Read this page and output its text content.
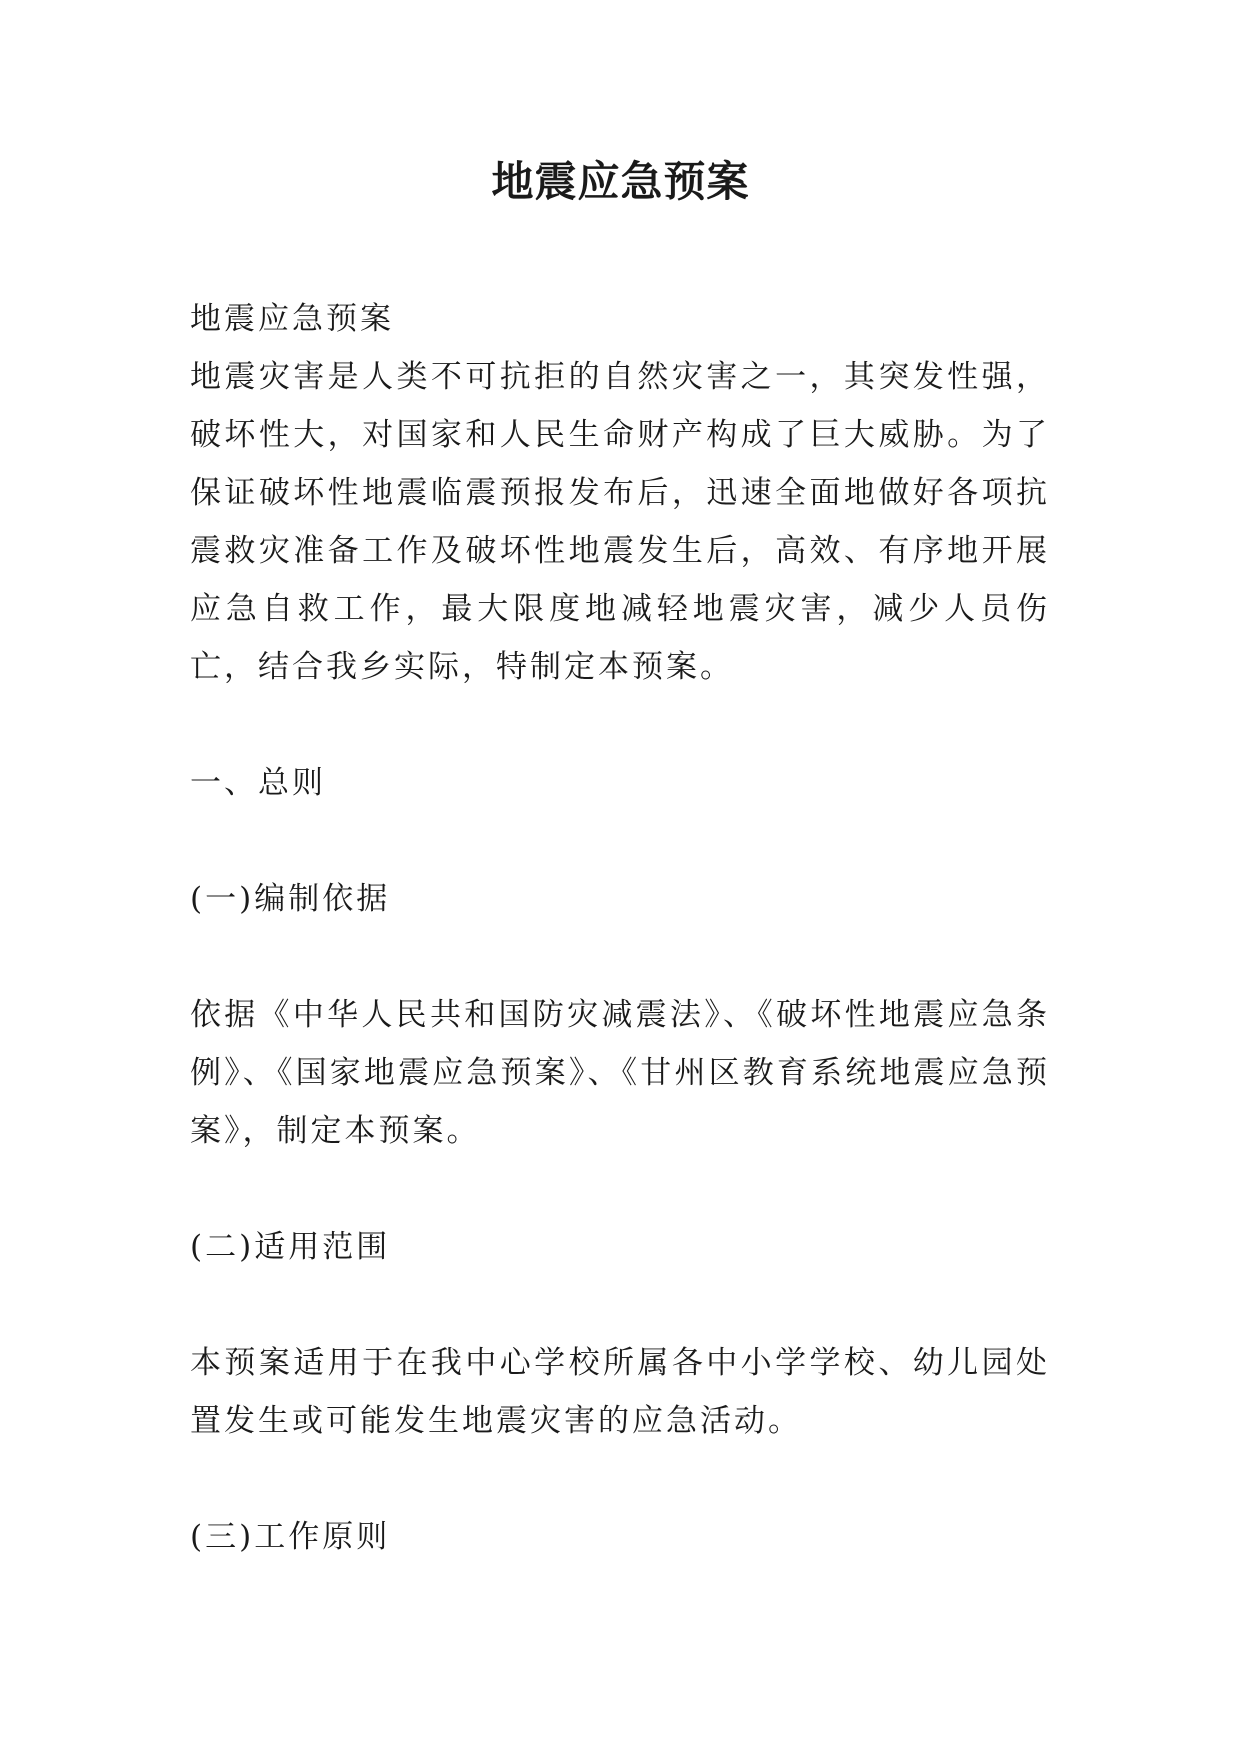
地震应急预案

地震应急预案

地震灾害是人类不可抗拒的自然灾害之一，其突发性强，破坏性大，对国家和人民生命财产构成了巨大威胁。为了保证破坏性地震临震预报发布后，迅速全面地做好各项抗震救灾准备工作及破坏性地震发生后，高效、有序地开展应急自救工作，最大限度地减轻地震灾害，减少人员伤亡，结合我乡实际，特制定本预案。

一、总则

(一)编制依据

依据《中华人民共和国防灾减震法》、《破坏性地震应急条例》、《国家地震应急预案》、《甘州区教育系统地震应急预案》，制定本预案。

(二)适用范围

本预案适用于在我中心学校所属各中小学学校、幼儿园处置发生或可能发生地震灾害的应急活动。

(三)工作原则
